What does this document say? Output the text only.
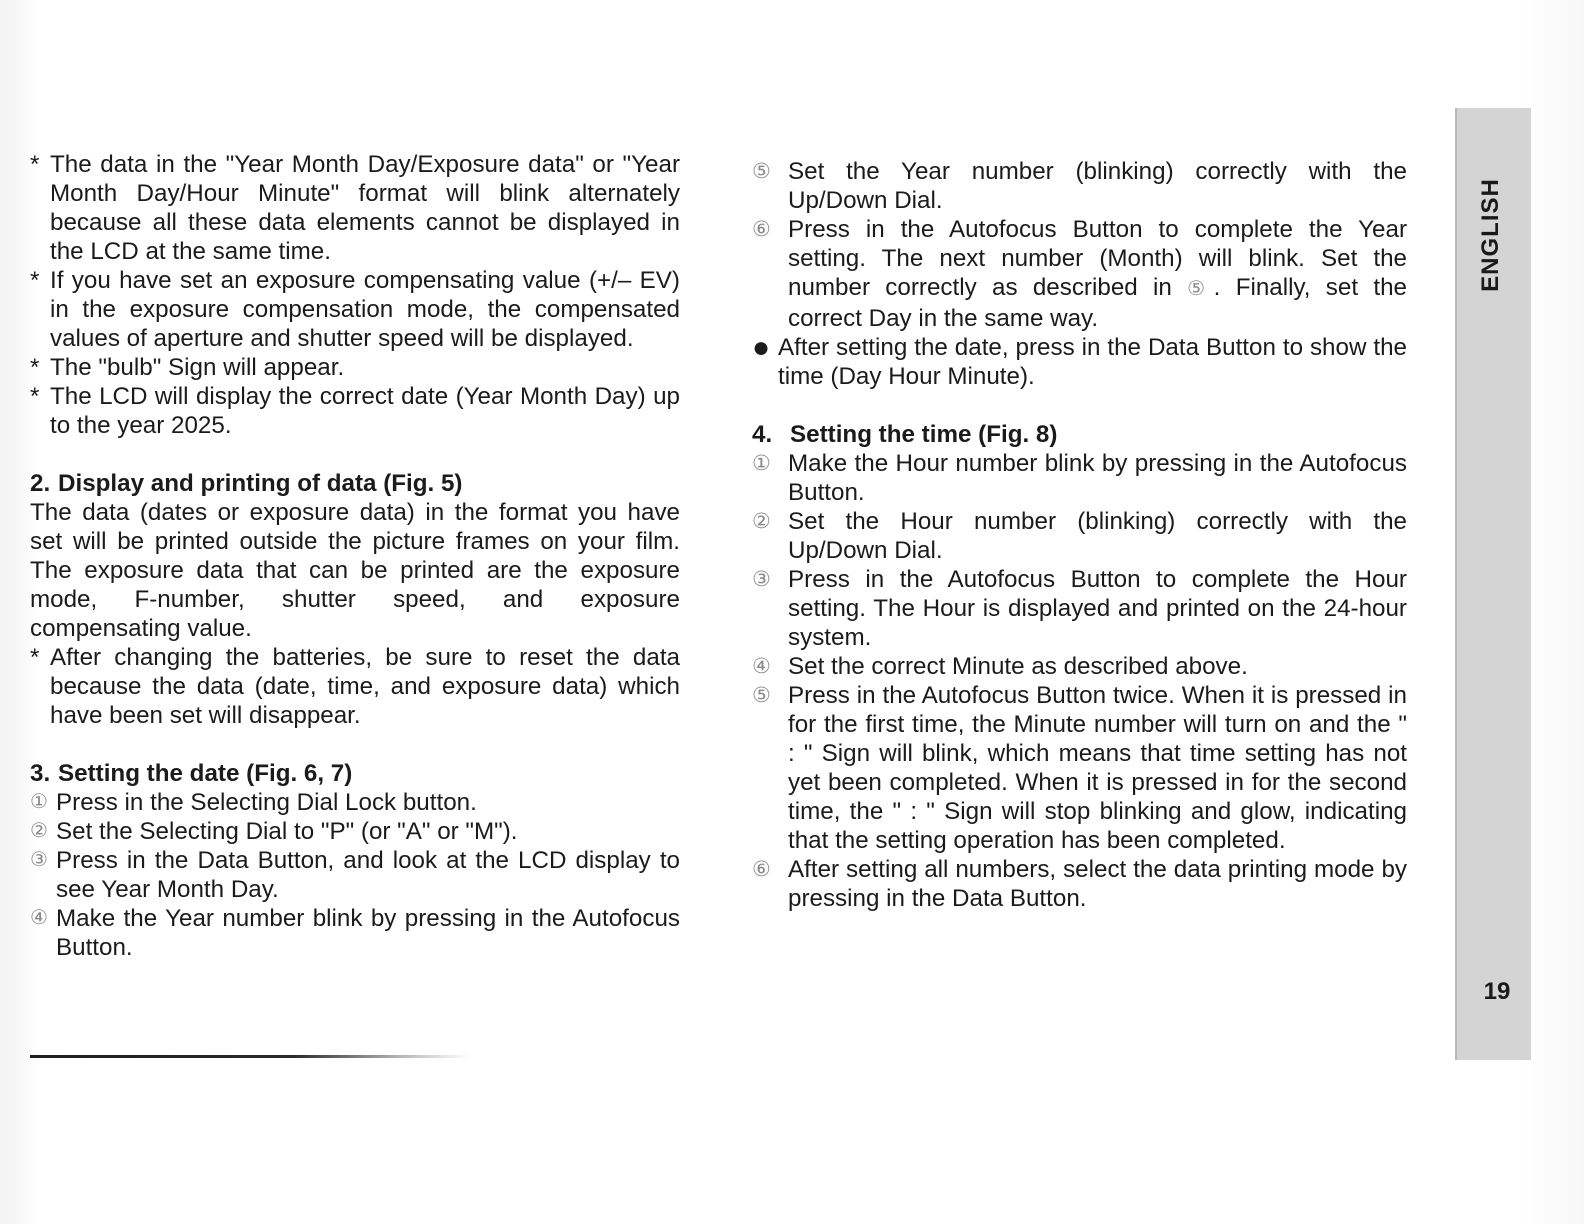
* The data in the "Year Month Day/Exposure data" or "Year Month Day/Hour Minute" format will blink alternately because all these data elements cannot be displayed in the LCD at the same time.
* If you have set an exposure compensating value (+/– EV) in the exposure compensation mode, the compensated values of aperture and shutter speed will be displayed.
* The "bulb" Sign will appear.
* The LCD will display the correct date (Year Month Day) up to the year 2025.
2. Display and printing of data (Fig. 5)
The data (dates or exposure data) in the format you have set will be printed outside the picture frames on your film. The exposure data that can be printed are the exposure mode, F-number, shutter speed, and exposure compensating value.
* After changing the batteries, be sure to reset the data because the data (date, time, and exposure data) which have been set will disappear.
3. Setting the date (Fig. 6, 7)
① Press in the Selecting Dial Lock button.
② Set the Selecting Dial to "P" (or "A" or "M").
③ Press in the Data Button, and look at the LCD display to see Year Month Day.
④ Make the Year number blink by pressing in the Autofocus Button.
⑤ Set the Year number (blinking) correctly with the Up/Down Dial.
⑥ Press in the Autofocus Button to complete the Year setting. The next number (Month) will blink. Set the number correctly as described in ⑤. Finally, set the correct Day in the same way.
● After setting the date, press in the Data Button to show the time (Day Hour Minute).
4. Setting the time (Fig. 8)
① Make the Hour number blink by pressing in the Autofocus Button.
② Set the Hour number (blinking) correctly with the Up/Down Dial.
③ Press in the Autofocus Button to complete the Hour setting. The Hour is displayed and printed on the 24-hour system.
④ Set the correct Minute as described above.
⑤ Press in the Autofocus Button twice. When it is pressed in for the first time, the Minute number will turn on and the " : " Sign will blink, which means that time setting has not yet been completed. When it is pressed in for the second time, the " : " Sign will stop blinking and glow, indicating that the setting operation has been completed.
⑥ After setting all numbers, select the data printing mode by pressing in the Data Button.
ENGLISH
19
